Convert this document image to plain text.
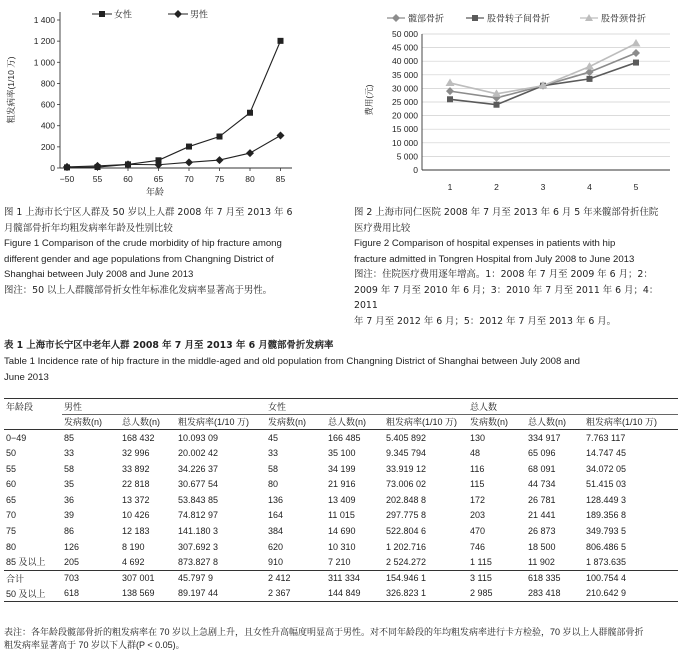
0
200
400
600
800
1 000
1 200
1 400
−50 55 60 65 70 75 80 85
粗发病率(1/10 万)
年龄
女性	男性
图 1 上海市长宁区人群及 50 岁以上人群 2008 年 7 月至 2013 年 6
月髋部骨折年均粗发病率年龄及性别比较
Figure 1 Comparison of the crude morbidity of hip fracture among
different gender and age populations from Changning District of
Shanghai between July 2008 and June 2013
图注：50 以上人群髋部骨折女性年标准化发病率显著高于男性。
0
5 000
10 000
15 000
20 000
25 000
30 000
35 000
40 000
45 000
50 000
1	2	3	4	5
费用(元)
髋部骨折	股骨转子间骨折	股骨颈骨折
图 2 上海市同仁医院 2008 年 7 月至 2013 年 6 月 5 年来髋部骨折住院
医疗费用比较
Figure 2 Comparison of hospital expenses in patients with hip
fracture admitted in Tongren Hospital from July 2008 to June 2013
图注：住院医疗费用逐年增高。1：2008 年 7 月至 2009 年 6 月；2：
2009 年 7 月至 2010 年 6 月；3：2010 年 7 月至 2011 年 6 月；4：2011
年 7 月至 2012 年 6 月；5：2012 年 7 月至 2013 年 6 月。
表 1 上海市长宁区中老年人群 2008 年 7 月至 2013 年 6 月髋部骨折发病率
Table 1 Incidence rate of hip fracture in the middle-aged and old population from Changning District of Shanghai between July 2008 and
June 2013
年龄段	男性			女性			总人数		
	发病数(n)	总人数(n)	粗发病率(1/10 万)	发病数(n)	总人数(n)	粗发病率(1/10 万)	发病数(n)	总人数(n)	粗发病率(1/10 万)
0−49	85	168 432	10.093 09	45	166 485	5.405 892	130	334 917	7.763 117
50	33	32 996	20.002 42	33	35 100	9.345 794	48	65 096	14.747 45
55	58	33 892	34.226 37	58	34 199	33.919 12	116	68 091	34.072 05
60	35	22 818	30.677 54	80	21 916	73.006 02	115	44 734	51.415 03
65	36	13 372	53.843 85	136	13 409	202.848 8	172	26 781	128.449 3
70	39	10 426	74.812 97	164	11 015	297.775 8	203	21 441	189.356 8
75	86	12 183	141.180 3	384	14 690	522.804 6	470	26 873	349.793 5
80	126	8 190	307.692 3	620	10 310	1 202.716	746	18 500	806.486 5
85 及以上	205	4 692	873.827 8	910	7 210	2 524.272	1 115	11 902	1 873.635
合计	703	307 001	45.797 9	2 412	311 334	154.946 1	3 115	618 335	100.754 4
50 及以上	618	138 569	89.197 44	2 367	144 849	326.823 1	2 985	283 418	210.642 9
表注：各年龄段髋部骨折的粗发病率在 70 岁以上急剧上升，且女性升高幅度明显高于男性。对不同年龄段的年均粗发病率进行卡方检验，70 岁以上人群髋部骨折
粗发病率显著高于 70 岁以下人群(P < 0.05)。
